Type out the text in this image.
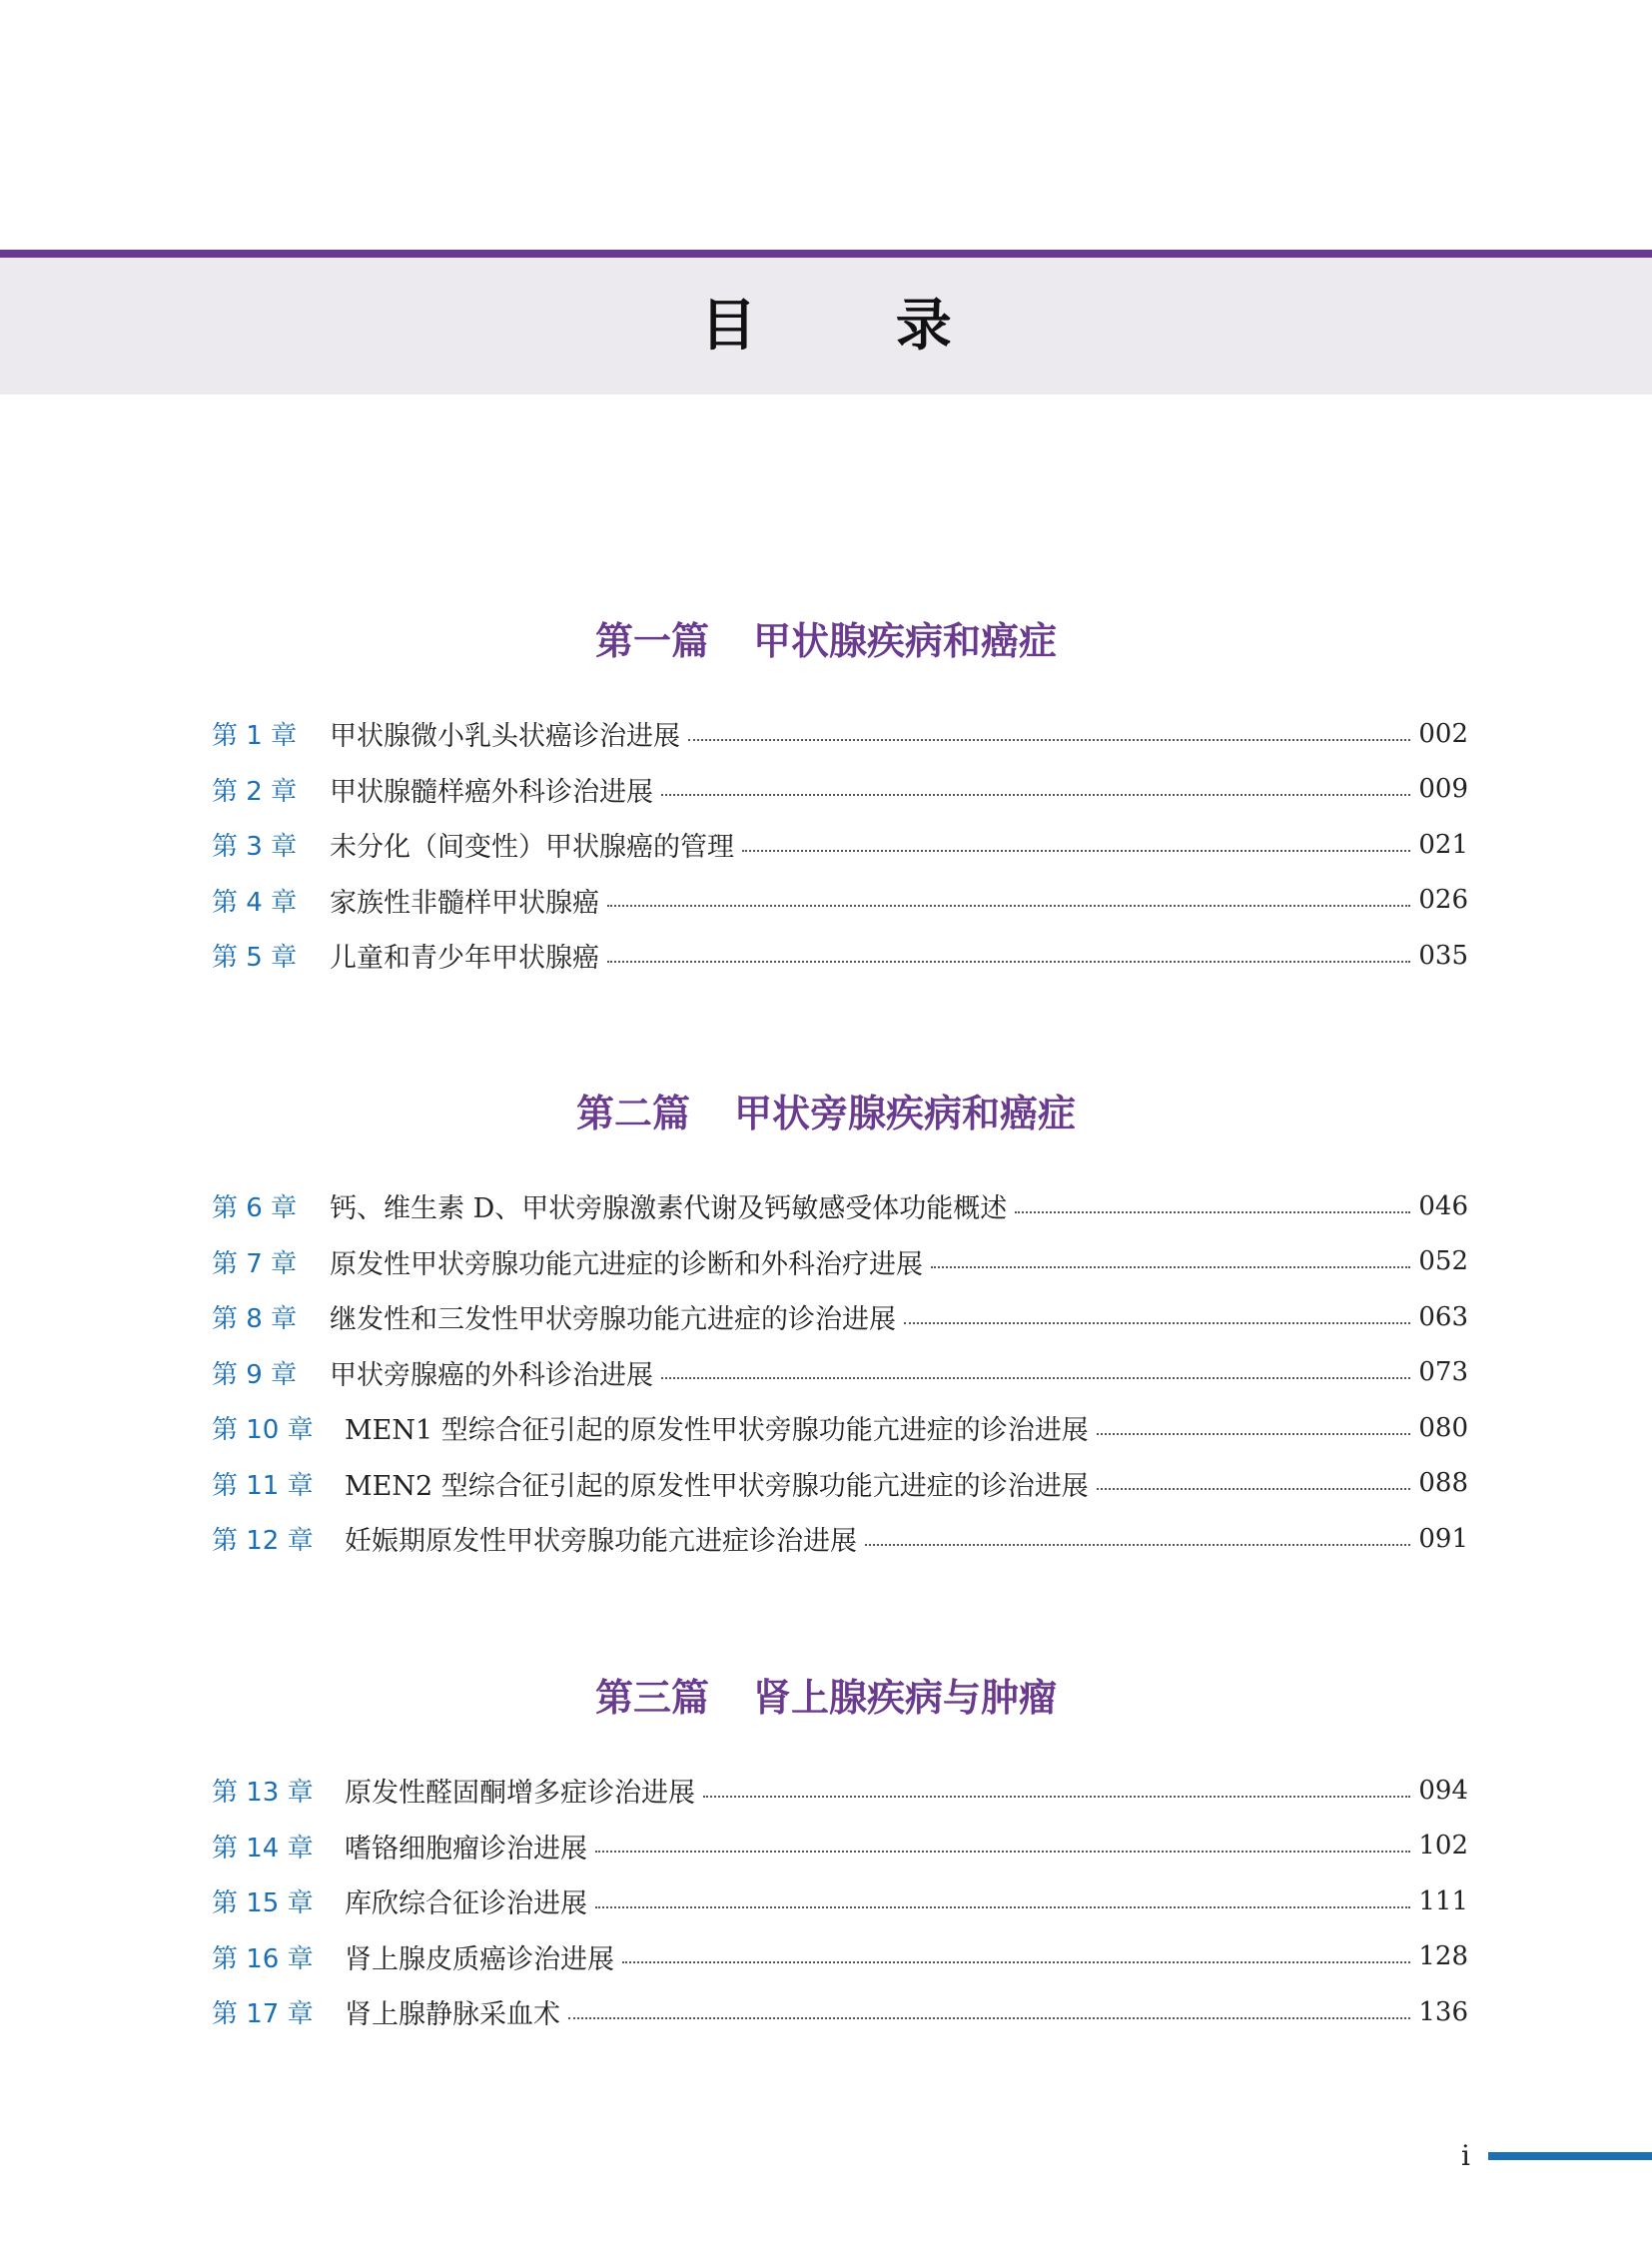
目 录
第一篇 甲状腺疾病和癌症
第 1 章	甲状腺微小乳头状癌诊治进展	002
第 2 章	甲状腺髓样癌外科诊治进展	009
第 3 章	未分化（间变性）甲状腺癌的管理	021
第 4 章	家族性非髓样甲状腺癌	026
第 5 章	儿童和青少年甲状腺癌	035
第二篇 甲状旁腺疾病和癌症
第 6 章	钙、维生素 D、甲状旁腺激素代谢及钙敏感受体功能概述	046
第 7 章	原发性甲状旁腺功能亢进症的诊断和外科治疗进展	052
第 8 章	继发性和三发性甲状旁腺功能亢进症的诊治进展	063
第 9 章	甲状旁腺癌的外科诊治进展	073
第 10 章	MEN1 型综合征引起的原发性甲状旁腺功能亢进症的诊治进展	080
第 11 章	MEN2 型综合征引起的原发性甲状旁腺功能亢进症的诊治进展	088
第 12 章	妊娠期原发性甲状旁腺功能亢进症诊治进展	091
第三篇 肾上腺疾病与肿瘤
第 13 章	原发性醛固酮增多症诊治进展	094
第 14 章	嗜铬细胞瘤诊治进展	102
第 15 章	库欣综合征诊治进展	111
第 16 章	肾上腺皮质癌诊治进展	128
第 17 章	肾上腺静脉采血术	136
i
